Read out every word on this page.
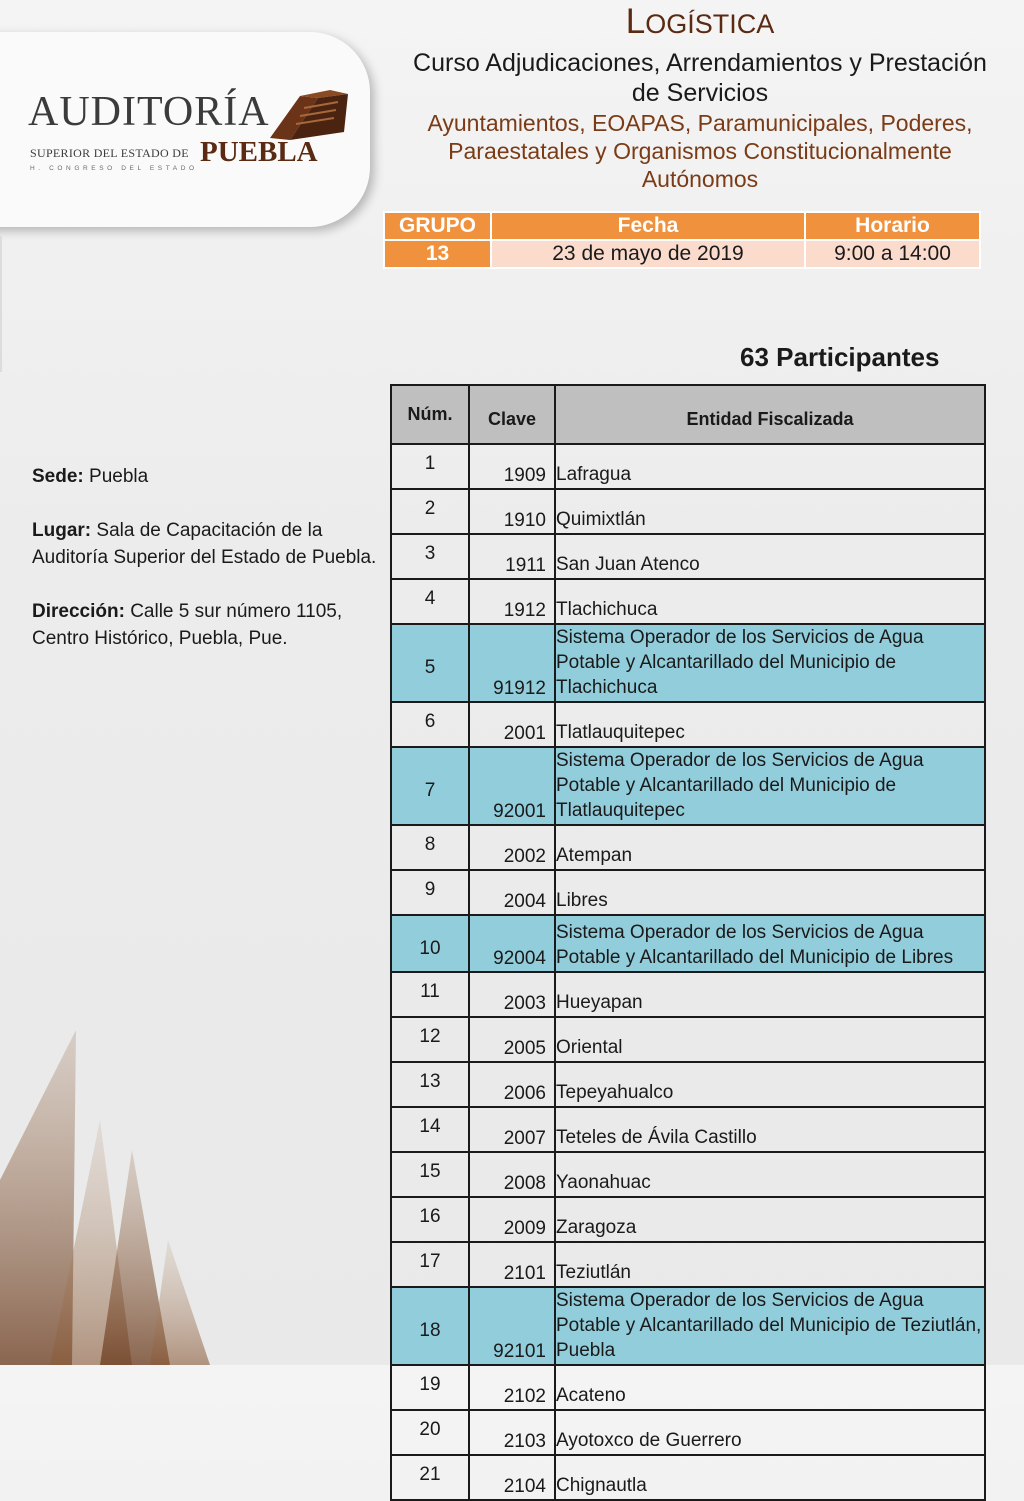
AUDITORÍA
SUPERIOR DEL ESTADO DE PUEBLA
H. CONGRESO DEL ESTADO
LOGÍSTICA
Curso Adjudicaciones, Arrendamientos y Prestación de Servicios
Ayuntamientos, EOAPAS, Paramunicipales, Poderes, Paraestatales y Organismos Constitucionalmente Autónomos
GRUPO	Fecha	Horario
13	23 de mayo de 2019	9:00 a 14:00
63 Participantes

Sede: Puebla

Lugar: Sala de Capacitación de la Auditoría Superior del Estado de Puebla.

Dirección: Calle 5 sur número 1105, Centro Histórico, Puebla, Pue.

Núm.	Clave	Entidad Fiscalizada
1	1909	Lafragua
2	1910	Quimixtlán
3	1911	San Juan Atenco
4	1912	Tlachichuca
5	91912	Sistema Operador de los Servicios de Agua Potable y Alcantarillado del Municipio de Tlachichuca
6	2001	Tlatlauquitepec
7	92001	Sistema Operador de los Servicios de Agua Potable y Alcantarillado del Municipio de Tlatlauquitepec
8	2002	Atempan
9	2004	Libres
10	92004	Sistema Operador de los Servicios de Agua Potable y Alcantarillado del Municipio de Libres
11	2003	Hueyapan
12	2005	Oriental
13	2006	Tepeyahualco
14	2007	Teteles de Ávila Castillo
15	2008	Yaonahuac
16	2009	Zaragoza
17	2101	Teziutlán
18	92101	Sistema Operador de los Servicios de Agua Potable y Alcantarillado del Municipio de Teziutlán, Puebla
19	2102	Acateno
20	2103	Ayotoxco de Guerrero
21	2104	Chignautla
